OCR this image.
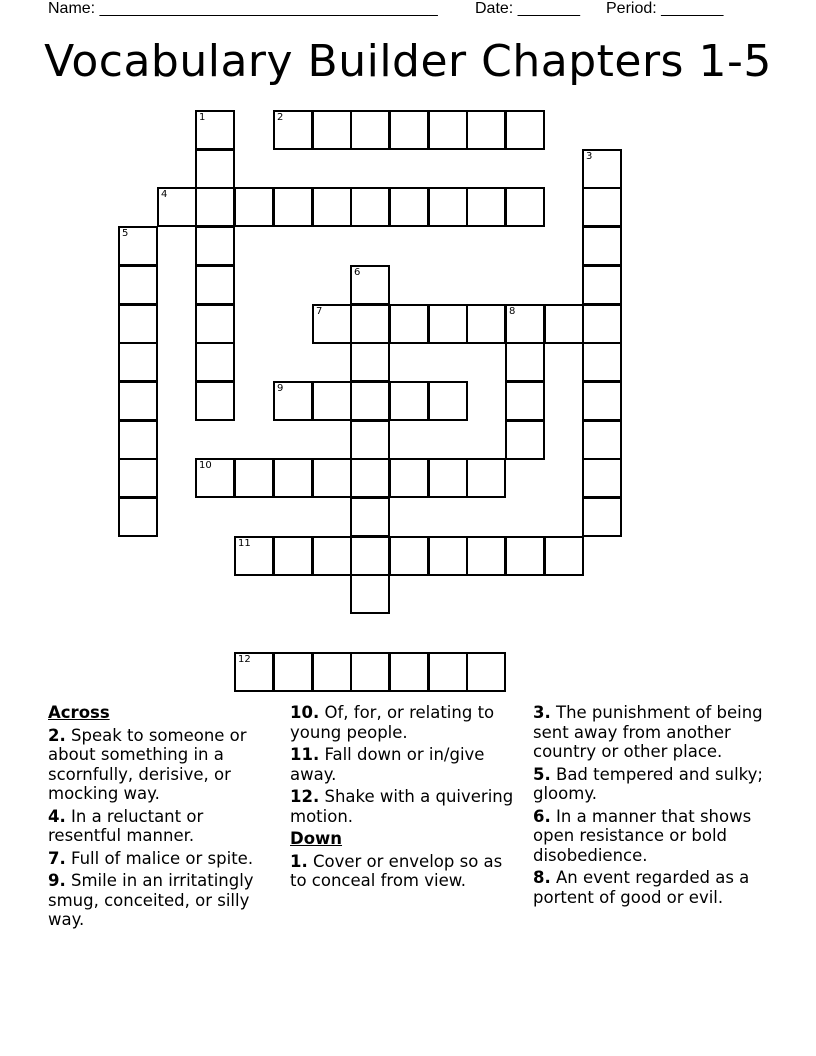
Name: ______________________________________ Date: _______ Period: _______
Vocabulary Builder Chapters 1-5
1	2
3
4
5
6
7	8
9
10
11
12
Across
2. Speak to someone or about something in a scornfully, derisive, or mocking way.
4. In a reluctant or resentful manner.
7. Full of malice or spite.
9. Smile in an irritatingly smug, conceited, or silly way.
10. Of, for, or relating to young people.
11. Fall down or in/give away.
12. Shake with a quivering motion.
Down
1. Cover or envelop so as to conceal from view.
3. The punishment of being sent away from another country or other place.
5. Bad tempered and sulky; gloomy.
6. In a manner that shows open resistance or bold disobedience.
8. An event regarded as a portent of good or evil.
